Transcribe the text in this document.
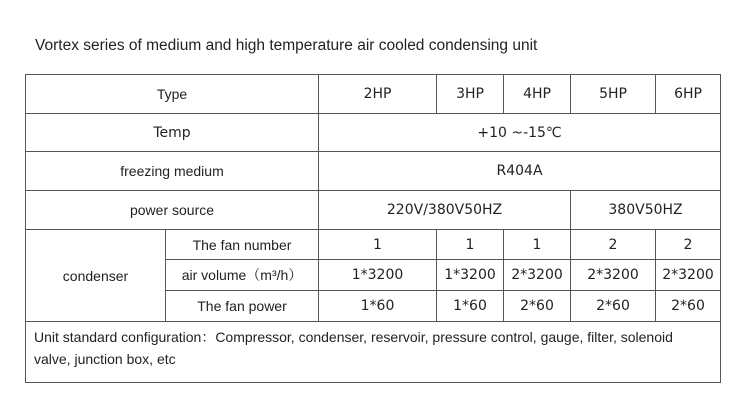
Vortex series of medium and high temperature air cooled condensing unit
Type		2HP	3HP	4HP	5HP	6HP
Temp		+10 ~-15℃				
freezing medium		R404A				
power source		220V/380V50HZ			380V50HZ	
condenser	The fan number	1	1	1	2	2
	air volume（m³/h）	1*3200	1*3200	2*3200	2*3200	2*3200
	The fan power	1*60	1*60	2*60	2*60	2*60
Unit standard configuration：Compressor, condenser, reservoir, pressure control, gauge, filter, solenoid valve, junction box, etc						
